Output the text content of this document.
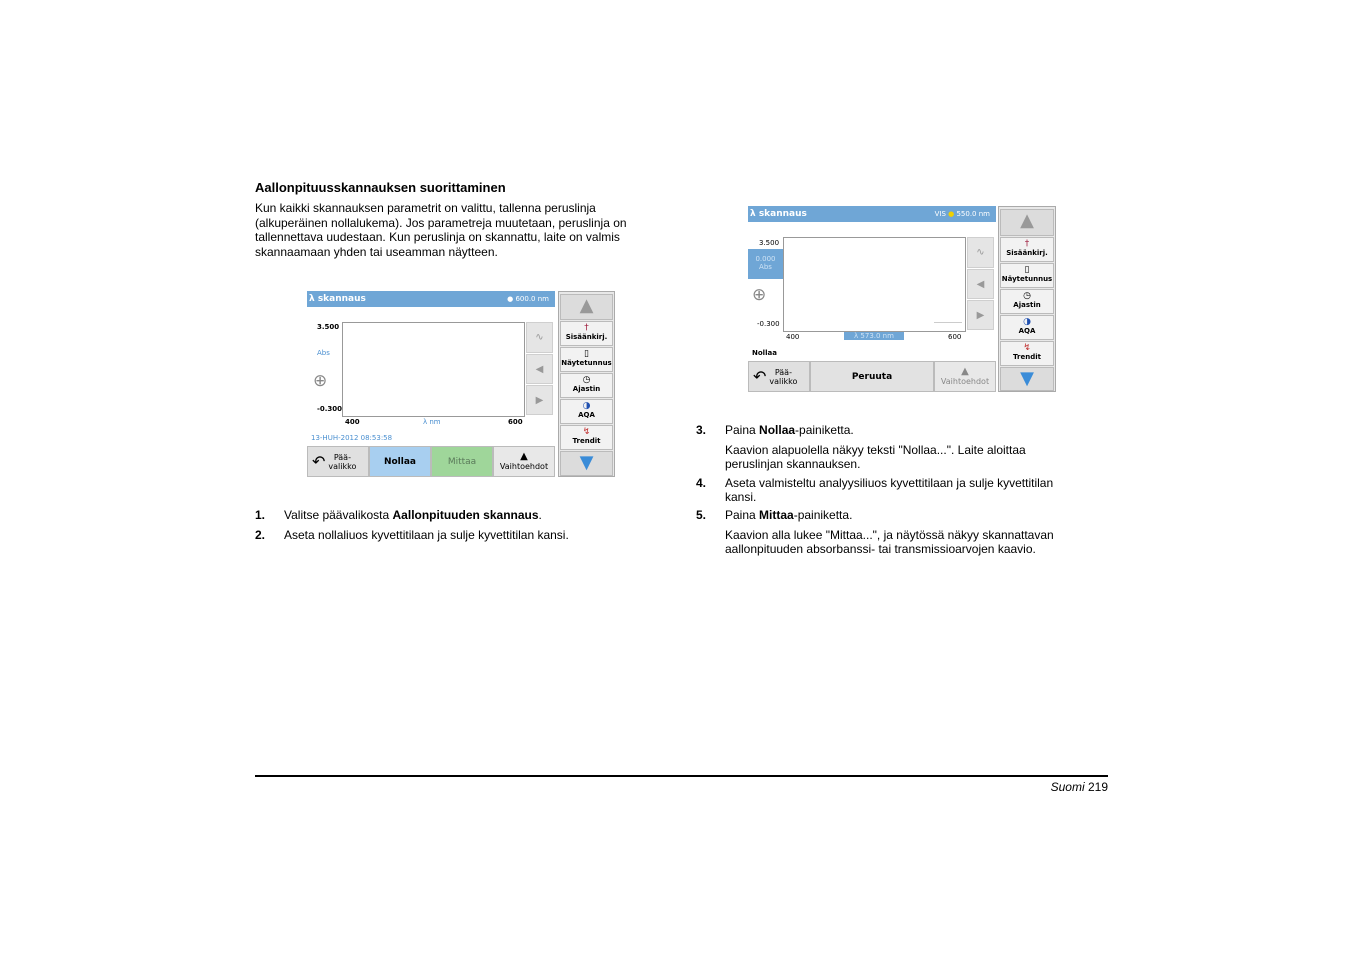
Aallonpituusskannauksen suorittaminen

Kun kaikki skannauksen parametrit on valittu, tallenna peruslinja (alkuperäinen nollalukema). Jos parametreja muutetaan, peruslinja on tallennettava uudestaan. Kun peruslinja on skannattu, laite on valmis skannaamaan yhden tai useamman näytteen.

λ skannaus	● 600.0 nm
3.500
Abs
⊕
-0.300
400	λ nm	600
13-HUH-2012 08:53:58
∿
◀
▶
▲
†
Sisäänkirj.
▯
Näytetunnus
◷
Ajastin
◑
AQA
↯
Trendit
▼
↶	Pää-
valikko	Nollaa	Mittaa	▲
Vaihtoehdot
λ skannaus	VIS ● 550.0 nm
3.500
0.000
Abs
⊕
-0.300
400	λ 573.0 nm	600
Nollaa
∿
◀
▶
▲
†
Sisäänkirj.
▯
Näytetunnus
◷
Ajastin
◑
AQA
↯
Trendit
▼
↶	Pää-
valikko	Peruuta	▲
Vaihtoehdot
1. Valitse päävalikosta Aallonpituuden skannaus.
2. Aseta nollaliuos kyvettitilaan ja sulje kyvettitilan kansi.
3. Paina Nollaa-painiketta.

Kaavion alapuolella näkyy teksti "Nollaa...". Laite aloittaa peruslinjan skannauksen.

4. Aseta valmisteltu analyysiliuos kyvettitilaan ja sulje kyvettitilan kansi.
5. Paina Mittaa-painiketta.

Kaavion alla lukee "Mittaa...", ja näytössä näkyy skannattavan aallonpituuden absorbanssi- tai transmissioarvojen kaavio.

Suomi 219
